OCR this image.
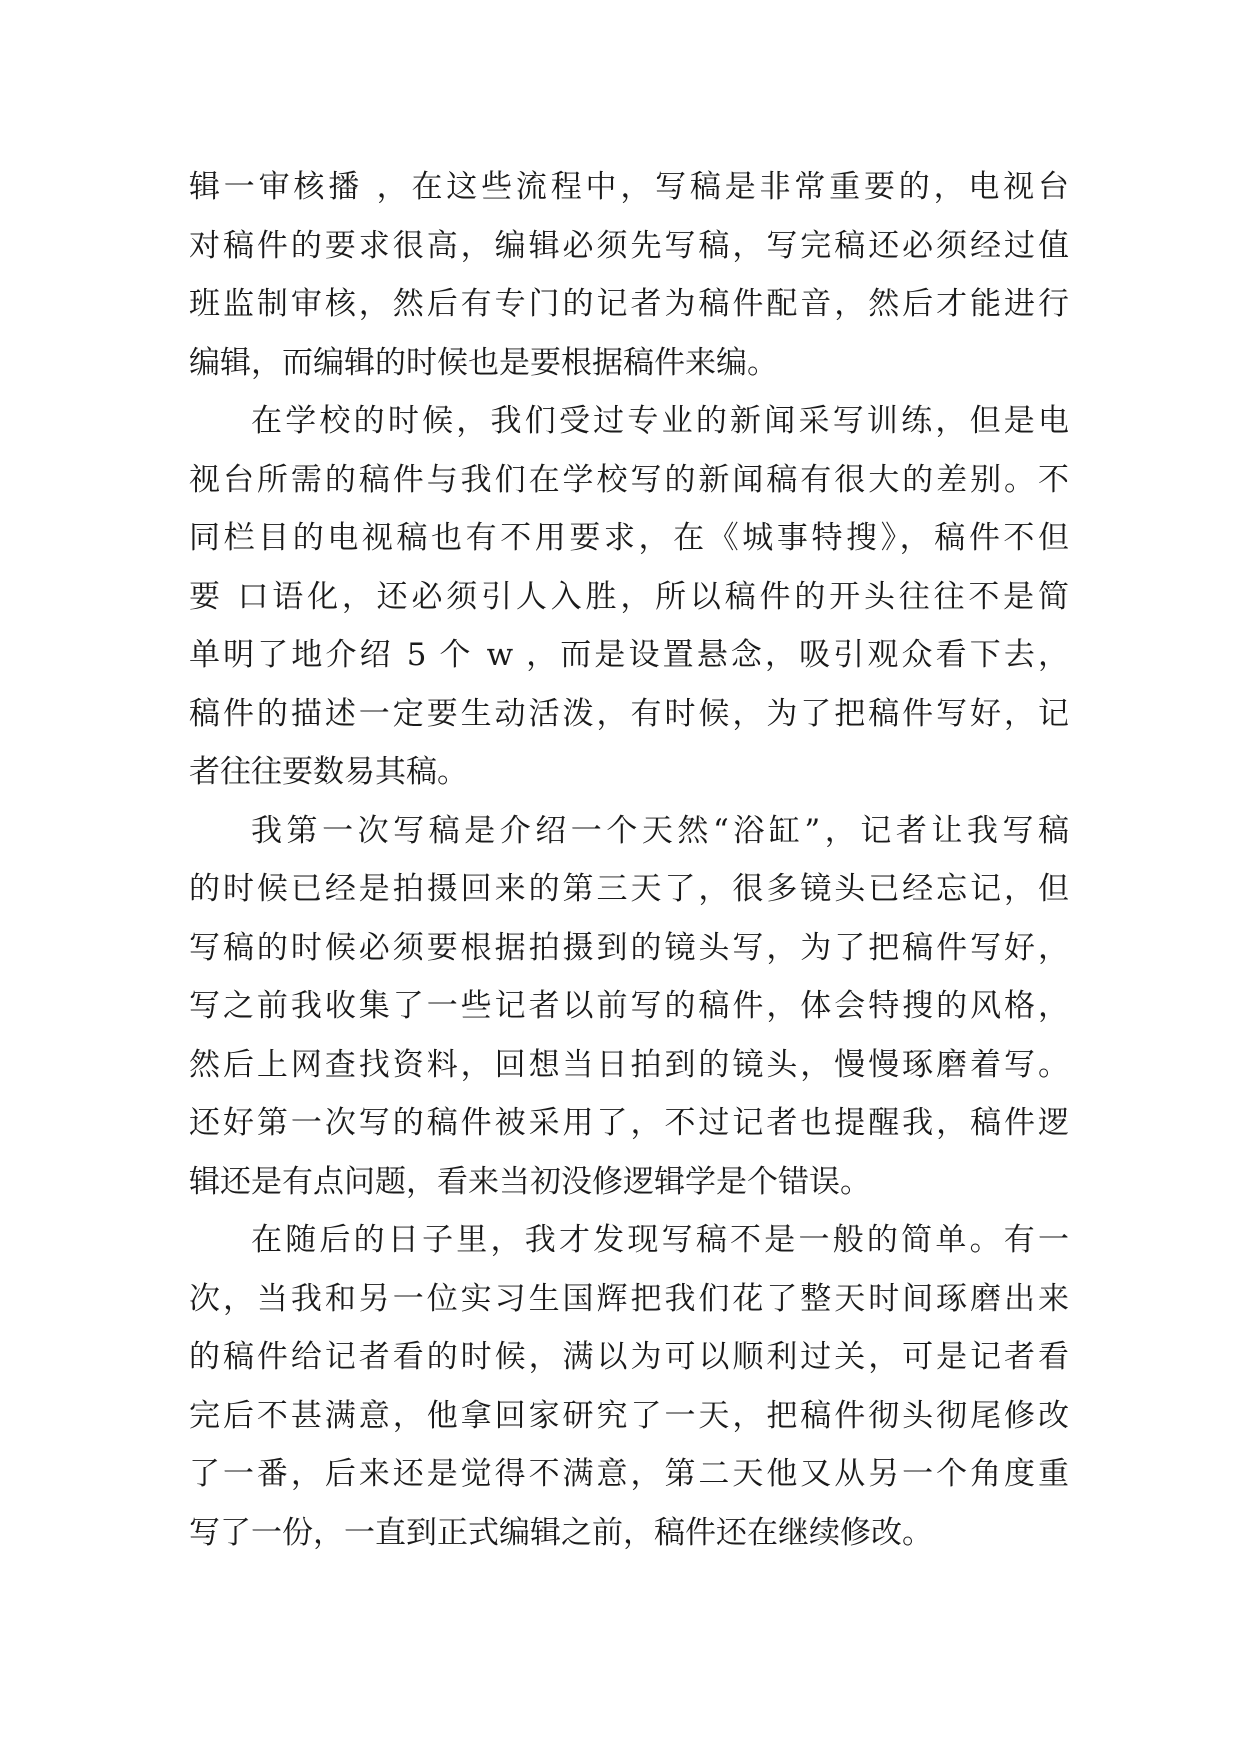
辑一审核播 ，在这些流程中，写稿是非常重要的，电视台
对稿件的要求很高，编辑必须先写稿，写完稿还必须经过值
班监制审核，然后有专门的记者为稿件配音，然后才能进行
编辑，而编辑的时候也是要根据稿件来编。
在学校的时候，我们受过专业的新闻采写训练，但是电
视台所需的稿件与我们在学校写的新闻稿有很大的差别。不
同栏目的电视稿也有不用要求，在《城事特搜》，稿件不但
要 口语化，还必须引人入胜，所以稿件的开头往往不是简
单明了地介绍 5 个 w ，而是设置悬念，吸引观众看下去，
稿件的描述一定要生动活泼，有时候，为了把稿件写好，记
者往往要数易其稿。
我第一次写稿是介绍一个天然“浴缸”，记者让我写稿
的时候已经是拍摄回来的第三天了，很多镜头已经忘记，但
写稿的时候必须要根据拍摄到的镜头写，为了把稿件写好，
写之前我收集了一些记者以前写的稿件，体会特搜的风格，
然后上网查找资料，回想当日拍到的镜头，慢慢琢磨着写。
还好第一次写的稿件被采用了，不过记者也提醒我，稿件逻
辑还是有点问题，看来当初没修逻辑学是个错误。
在随后的日子里，我才发现写稿不是一般的简单。有一
次，当我和另一位实习生国辉把我们花了整天时间琢磨出来
的稿件给记者看的时候，满以为可以顺利过关，可是记者看
完后不甚满意，他拿回家研究了一天，把稿件彻头彻尾修改
了一番，后来还是觉得不满意，第二天他又从另一个角度重
写了一份，一直到正式编辑之前，稿件还在继续修改。
